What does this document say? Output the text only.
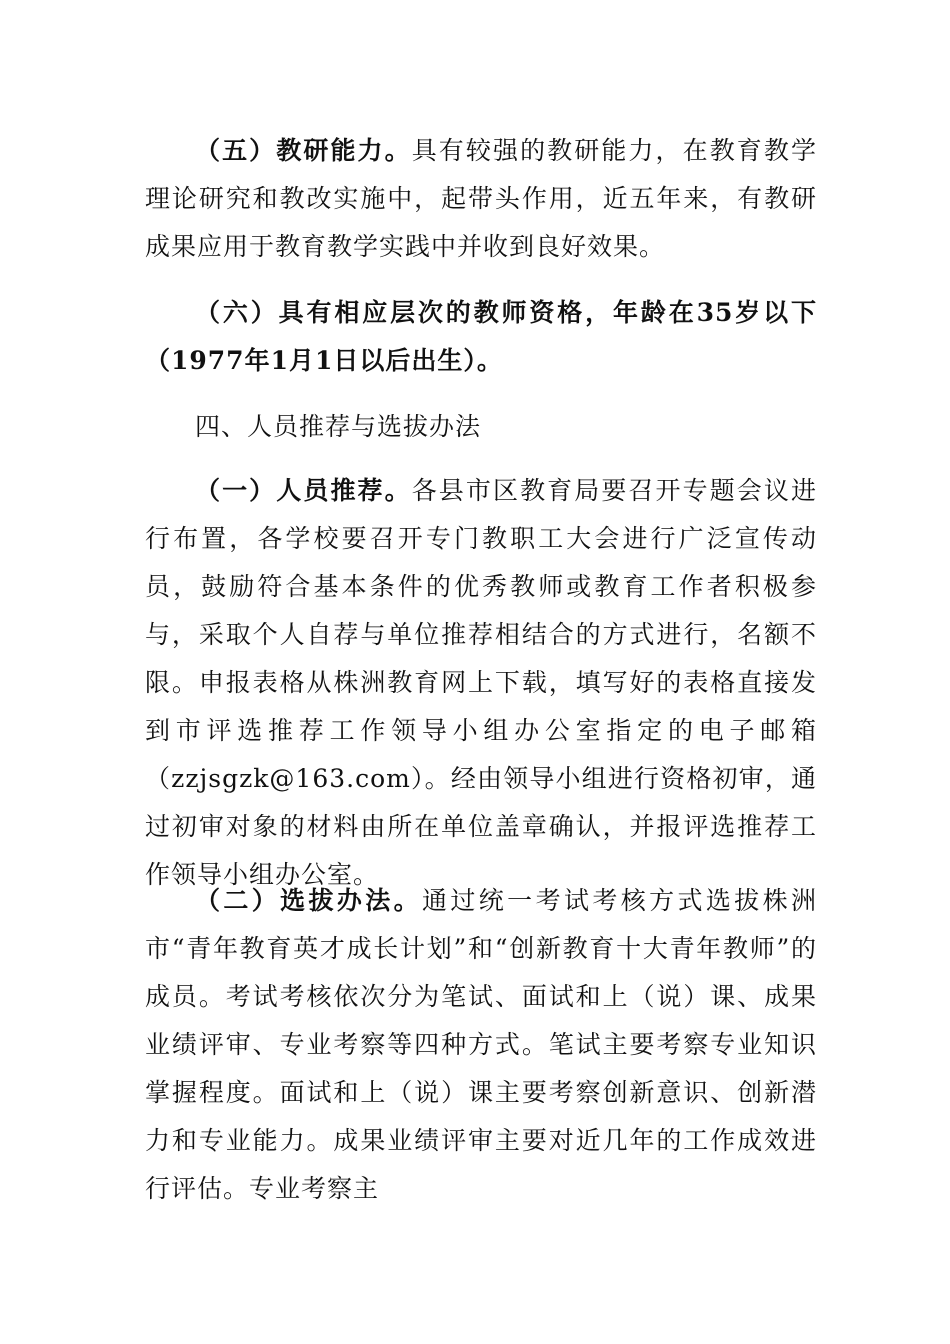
（五）教研能力。具有较强的教研能力，在教育教学理论研究和教改实施中，起带头作用，近五年来，有教研成果应用于教育教学实践中并收到良好效果。

（六）具有相应层次的教师资格，年龄在35岁以下（1977年1月1日以后出生）。

四、人员推荐与选拔办法

（一）人员推荐。各县市区教育局要召开专题会议进行布置，各学校要召开专门教职工大会进行广泛宣传动员，鼓励符合基本条件的优秀教师或教育工作者积极参与，采取个人自荐与单位推荐相结合的方式进行，名额不限。申报表格从株洲教育网上下载，填写好的表格直接发到市评选推荐工作领导小组办公室指定的电子邮箱（zzjsgzk@163.com）。经由领导小组进行资格初审，通过初审对象的材料由所在单位盖章确认，并报评选推荐工作领导小组办公室。

（二）选拔办法。通过统一考试考核方式选拔株洲市“青年教育英才成长计划”和“创新教育十大青年教师”的成员。考试考核依次分为笔试、面试和上（说）课、成果业绩评审、专业考察等四种方式。笔试主要考察专业知识掌握程度。面试和上（说）课主要考察创新意识、创新潜力和专业能力。成果业绩评审主要对近几年的工作成效进行评估。专业考察主
